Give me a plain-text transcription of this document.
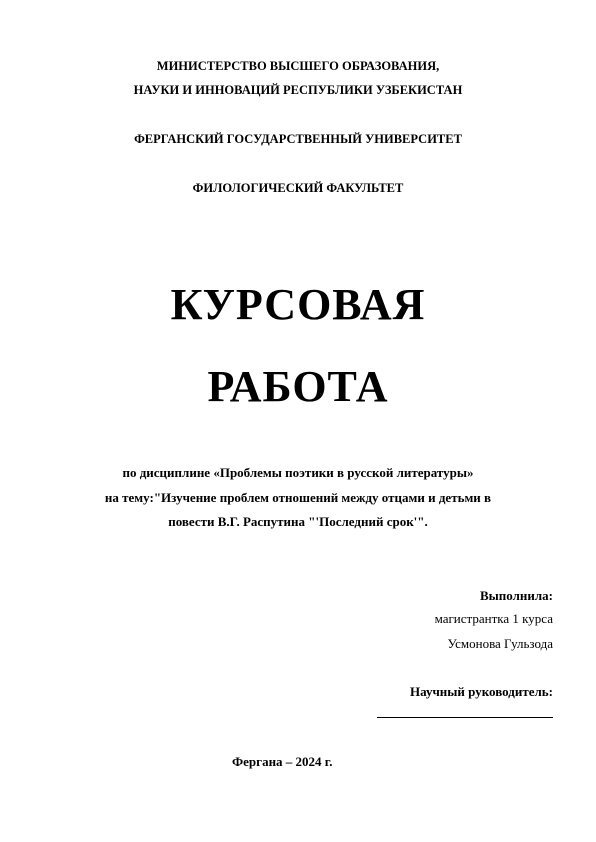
МИНИСТЕРСТВО ВЫСШЕГО ОБРАЗОВАНИЯ,
НАУКИ И ИННОВАЦИЙ РЕСПУБЛИКИ УЗБЕКИСТАН
ФЕРГАНСКИЙ ГОСУДАРСТВЕННЫЙ УНИВЕРСИТЕТ
ФИЛОЛОГИЧЕСКИЙ ФАКУЛЬТЕТ
КУРСОВАЯ
РАБОТА
по дисциплине «Проблемы поэтики в русской литературы»
на тему:"Изучение проблем отношений между отцами и детьми в
повести В.Г. Распутина "'Последний срок'".
Выполнила:
магистрантка 1 курса
Усмонова Гульзода
Научный руководитель:
Фергана – 2024 г.
